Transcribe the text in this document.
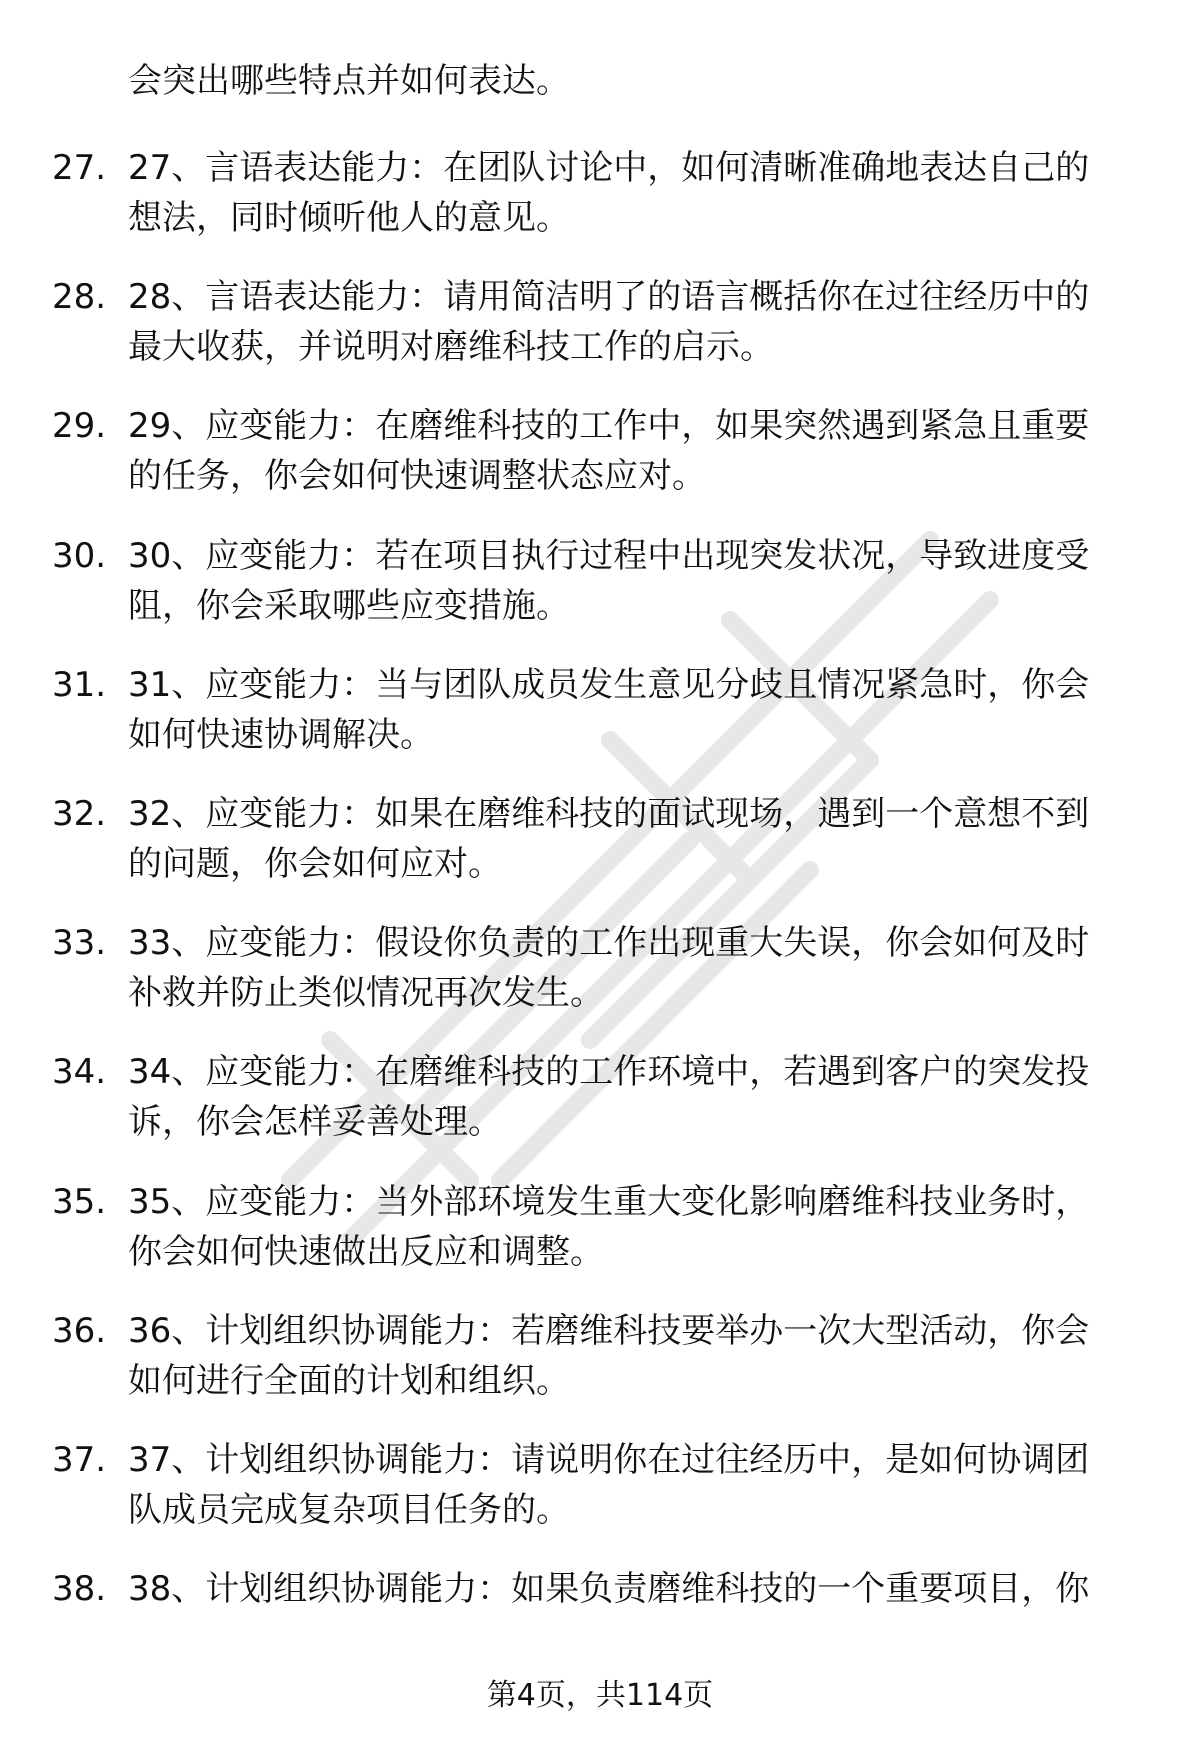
会突出哪些特点并如何表达。
27. 27、言语表达能力：在团队讨论中，如何清晰准确地表达自己的
想法，同时倾听他人的意见。
28. 28、言语表达能力：请用简洁明了的语言概括你在过往经历中的
最大收获，并说明对磨维科技工作的启示。
29. 29、应变能力：在磨维科技的工作中，如果突然遇到紧急且重要
的任务，你会如何快速调整状态应对。
30. 30、应变能力：若在项目执行过程中出现突发状况，导致进度受
阻，你会采取哪些应变措施。
31. 31、应变能力：当与团队成员发生意见分歧且情况紧急时，你会
如何快速协调解决。
32. 32、应变能力：如果在磨维科技的面试现场，遇到一个意想不到
的问题，你会如何应对。
33. 33、应变能力：假设你负责的工作出现重大失误，你会如何及时
补救并防止类似情况再次发生。
34. 34、应变能力：在磨维科技的工作环境中，若遇到客户的突发投
诉，你会怎样妥善处理。
35. 35、应变能力：当外部环境发生重大变化影响磨维科技业务时，
你会如何快速做出反应和调整。
36. 36、计划组织协调能力：若磨维科技要举办一次大型活动，你会
如何进行全面的计划和组织。
37. 37、计划组织协调能力：请说明你在过往经历中，是如何协调团
队成员完成复杂项目任务的。
38. 38、计划组织协调能力：如果负责磨维科技的一个重要项目，你
第4页，共114页
